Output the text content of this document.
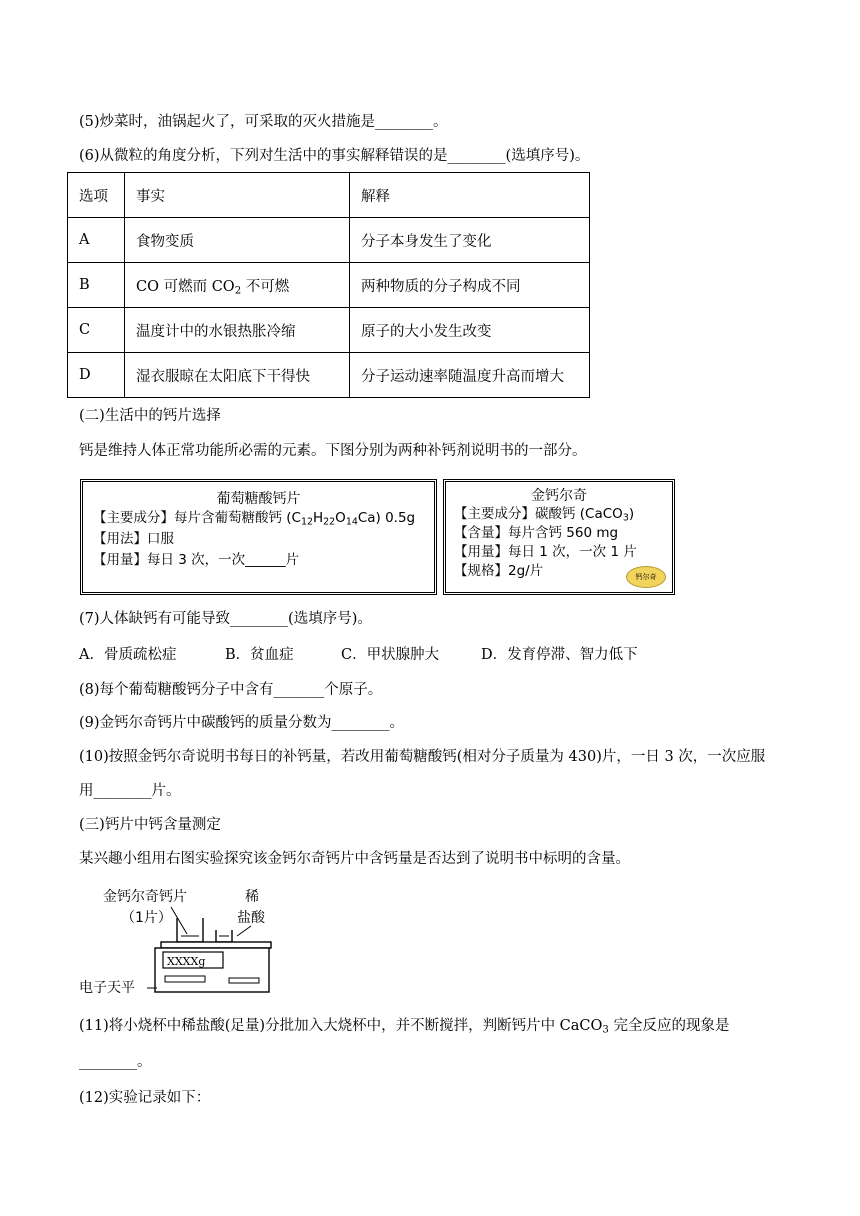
(5)炒菜时，油锅起火了，可采取的灭火措施是________。
(6)从微粒的角度分析，下列对生活中的事实解释错误的是________(选填序号)。
选项	事实	解释
A	食物变质	分子本身发生了变化
B	CO 可燃而 $CO_2$ 不可燃	两种物质的分子构成不同
C	温度计中的水银热胀冷缩	原子的大小发生改变
D	湿衣服晾在太阳底下干得快	分子运动速率随温度升高而增大
(二)生活中的钙片选择
钙是维持人体正常功能所必需的元素。下图分别为两种补钙剂说明书的一部分。
葡萄糖酸钙片
【主要成分】每片含葡萄糖酸钙 $(C_{12}H_{22}O_{14}Ca)$ 0.5g
【用法】口服
【用量】每日 3 次，一次______片
金钙尔奇
【主要成分】碳酸钙 (CaCO$_3$)
【含量】每片含钙 560 mg
【用量】每日 1 次，一次 1 片
【规格】2g/片	钙尔奇
(7)人体缺钙有可能导致________(选填序号)。
A．骨质疏松症	B．贫血症	C．甲状腺肿大	D．发育停滞、智力低下
(8)每个葡萄糖酸钙分子中含有_______个原子。
(9)金钙尔奇钙片中碳酸钙的质量分数为________。
(10)按照金钙尔奇说明书每日的补钙量，若改用葡萄糖酸钙(相对分子质量为 430)片，一日 3 次，一次应服
用________片。
(三)钙片中钙含量测定
某兴趣小组用右图实验探究该金钙尔奇钙片中含钙量是否达到了说明书中标明的含量。
金钙尔奇钙片
（1片）
稀
盐酸
XXXXg
电子天平
(11)将小烧杯中稀盐酸(足量)分批加入大烧杯中，并不断搅拌，判断钙片中 CaCO$_3$ 完全反应的现象是
________。
(12)实验记录如下：
